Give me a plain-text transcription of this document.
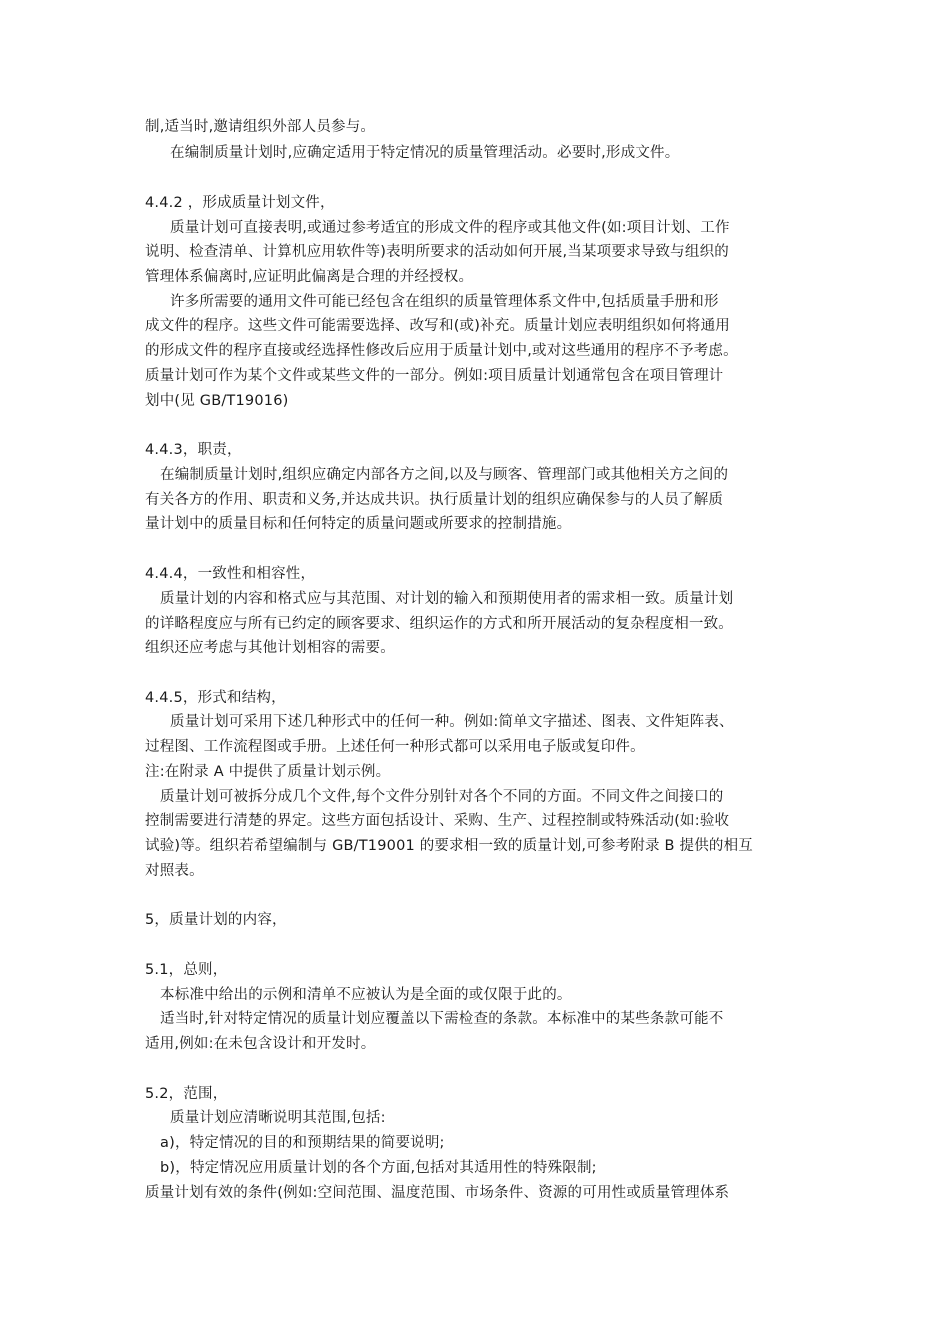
制,适当时,邀请组织外部人员参与。
在编制质量计划时,应确定适用于特定情况的质量管理活动。必要时,形成文件。
4.4.2 ，形成质量计划文件，
质量计划可直接表明,或通过参考适宜的形成文件的程序或其他文件(如:项目计划、工作
说明、检查清单、计算机应用软件等)表明所要求的活动如何开展,当某项要求导致与组织的
管理体系偏离时,应证明此偏离是合理的并经授权。
许多所需要的通用文件可能已经包含在组织的质量管理体系文件中,包括质量手册和形
成文件的程序。这些文件可能需要选择、改写和(或)补充。质量计划应表明组织如何将通用
的形成文件的程序直接或经选择性修改后应用于质量计划中,或对这些通用的程序不予考虑。
质量计划可作为某个文件或某些文件的一部分。例如:项目质量计划通常包含在项目管理计
划中(见 GB/T19016)
4.4.3，职责，
在编制质量计划时,组织应确定内部各方之间,以及与顾客、管理部门或其他相关方之间的
有关各方的作用、职责和义务,并达成共识。执行质量计划的组织应确保参与的人员了解质
量计划中的质量目标和任何特定的质量问题或所要求的控制措施。
4.4.4，一致性和相容性，
质量计划的内容和格式应与其范围、对计划的输入和预期使用者的需求相一致。质量计划
的详略程度应与所有已约定的顾客要求、组织运作的方式和所开展活动的复杂程度相一致。
组织还应考虑与其他计划相容的需要。
4.4.5，形式和结构，
质量计划可采用下述几种形式中的任何一种。例如:简单文字描述、图表、文件矩阵表、
过程图、工作流程图或手册。上述任何一种形式都可以采用电子版或复印件。
注:在附录 A 中提供了质量计划示例。
质量计划可被拆分成几个文件,每个文件分别针对各个不同的方面。不同文件之间接口的
控制需要进行清楚的界定。这些方面包括设计、采购、生产、过程控制或特殊活动(如:验收
试验)等。组织若希望编制与 GB/T19001 的要求相一致的质量计划,可参考附录 B 提供的相互
对照表。
5，质量计划的内容，
5.1，总则，
本标准中给出的示例和清单不应被认为是全面的或仅限于此的。
适当时,针对特定情况的质量计划应覆盖以下需检查的条款。本标准中的某些条款可能不
适用,例如:在未包含设计和开发时。
5.2，范围，
质量计划应清晰说明其范围,包括:
a)，特定情况的目的和预期结果的简要说明;
b)，特定情况应用质量计划的各个方面,包括对其适用性的特殊限制;
质量计划有效的条件(例如:空间范围、温度范围、市场条件、资源的可用性或质量管理体系
